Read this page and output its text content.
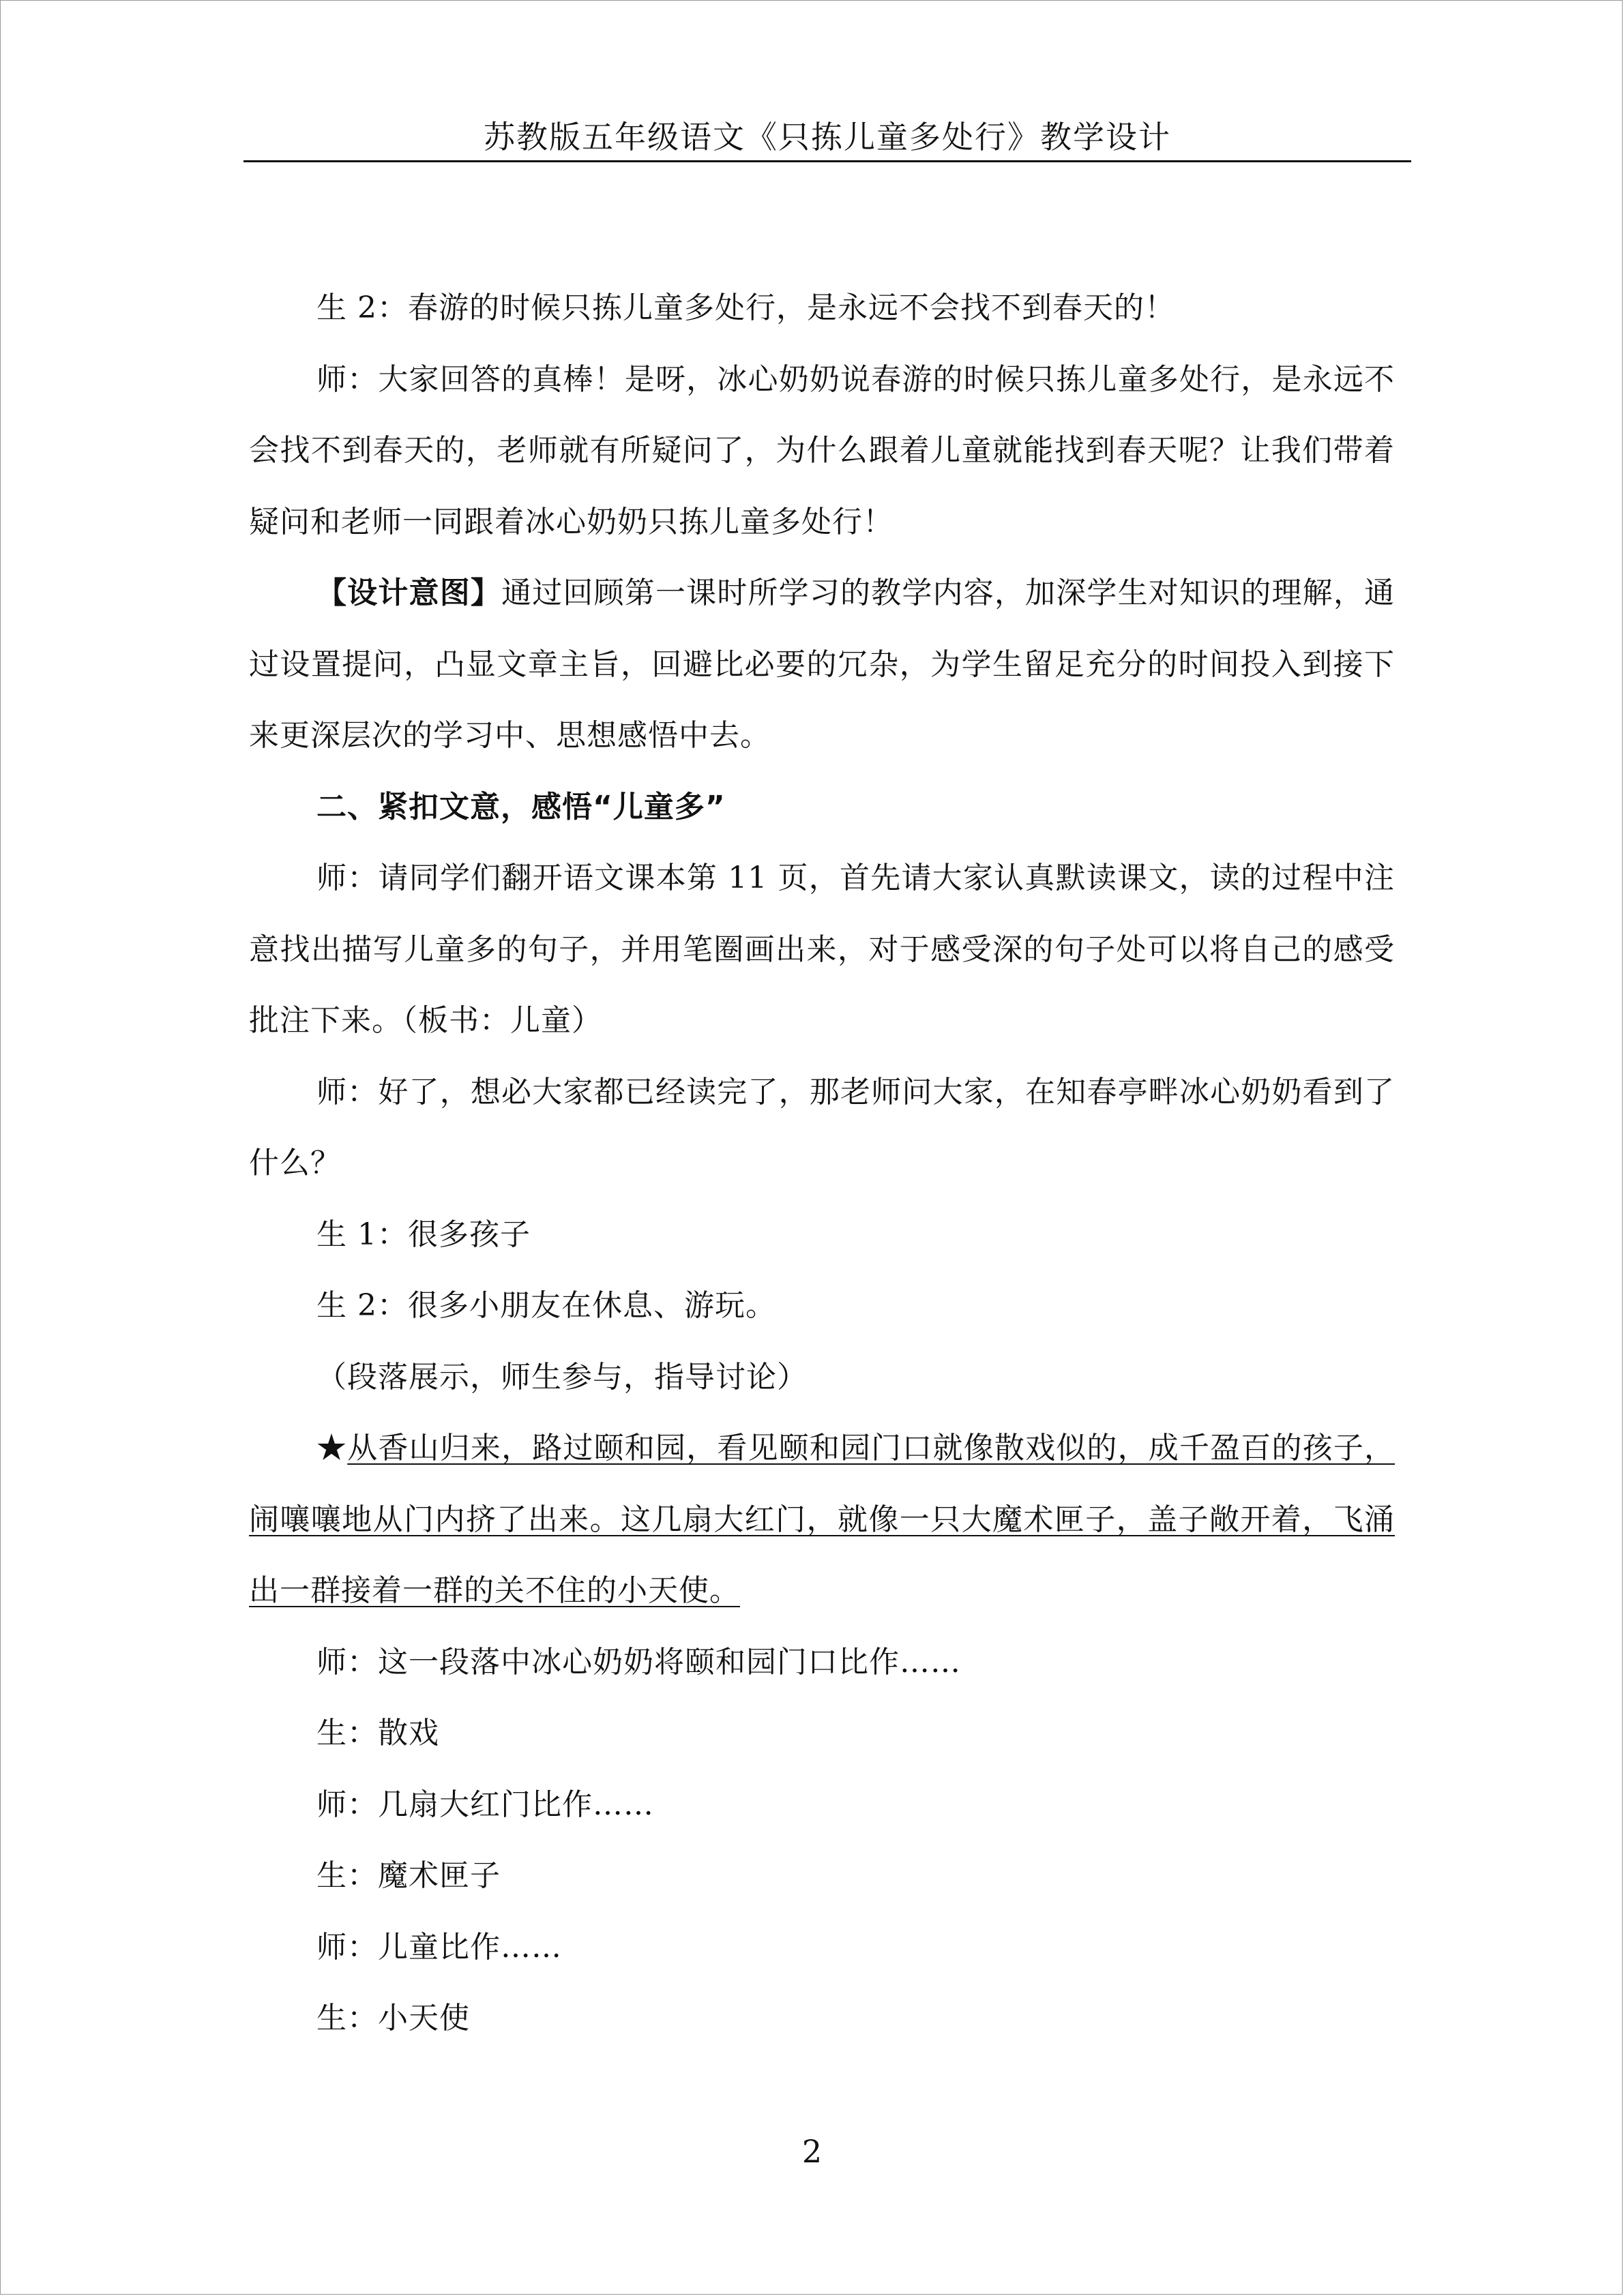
苏教版五年级语文《只拣儿童多处行》教学设计

生 2：春游的时候只拣儿童多处行，是永远不会找不到春天的！

师：大家回答的真棒！是呀，冰心奶奶说春游的时候只拣儿童多处行，是永远不会找不到春天的，老师就有所疑问了，为什么跟着儿童就能找到春天呢？让我们带着疑问和老师一同跟着冰心奶奶只拣儿童多处行！

【设计意图】通过回顾第一课时所学习的教学内容，加深学生对知识的理解，通过设置提问，凸显文章主旨，回避比必要的冗杂，为学生留足充分的时间投入到接下来更深层次的学习中、思想感悟中去。

二、紧扣文意，感悟“儿童多”

师：请同学们翻开语文课本第 11 页，首先请大家认真默读课文，读的过程中注意找出描写儿童多的句子，并用笔圈画出来，对于感受深的句子处可以将自己的感受批注下来。（板书：儿童）

师：好了，想必大家都已经读完了，那老师问大家，在知春亭畔冰心奶奶看到了什么？

生 1：很多孩子

生 2：很多小朋友在休息、游玩。

（段落展示，师生参与，指导讨论）

★从香山归来，路过颐和园，看见颐和园门口就像散戏似的，成千盈百的孩子，闹嚷嚷地从门内挤了出来。这几扇大红门，就像一只大魔术匣子，盖子敞开着，飞涌出一群接着一群的关不住的小天使。

师：这一段落中冰心奶奶将颐和园门口比作……

生：散戏

师：几扇大红门比作……

生：魔术匣子

师：儿童比作……

生：小天使

2
